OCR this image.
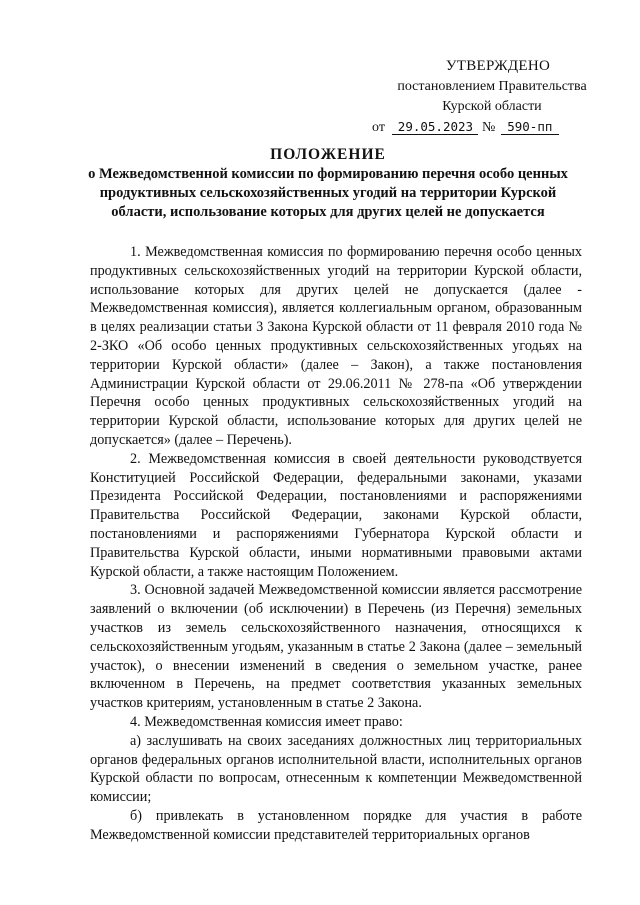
УТВЕРЖДЕНО
постановлением Правительства
Курской области
от 29.05.2023 № 590-пп
ПОЛОЖЕНИЕ
о Межведомственной комиссии по формированию перечня особо ценных продуктивных сельскохозяйственных угодий на территории Курской области, использование которых для других целей не допускается

1. Межведомственная комиссия по формированию перечня особо ценных продуктивных сельскохозяйственных угодий на территории Курской области, использование которых для других целей не допускается (далее - Межведомственная комиссия), является коллегиальным органом, образованным в целях реализации статьи 3 Закона Курской области от 11 февраля 2010 года № 2-ЗКО «Об особо ценных продуктивных сельскохозяйственных угодьях на территории Курской области» (далее – Закон), а также постановления Администрации Курской области от 29.06.2011 № 278-па «Об утверждении Перечня особо ценных продуктивных сельскохозяйственных угодий на территории Курской области, использование которых для других целей не допускается» (далее – Перечень).

2. Межведомственная комиссия в своей деятельности руководствуется Конституцией Российской Федерации, федеральными законами, указами Президента Российской Федерации, постановлениями и распоряжениями Правительства Российской Федерации, законами Курской области, постановлениями и распоряжениями Губернатора Курской области и Правительства Курской области, иными нормативными правовыми актами Курской области, а также настоящим Положением.

3. Основной задачей Межведомственной комиссии является рассмотрение заявлений о включении (об исключении) в Перечень (из Перечня) земельных участков из земель сельскохозяйственного назначения, относящихся к сельскохозяйственным угодьям, указанным в статье 2 Закона (далее – земельный участок), о внесении изменений в сведения о земельном участке, ранее включенном в Перечень, на предмет соответствия указанных земельных участков критериям, установленным в статье 2 Закона.

4. Межведомственная комиссия имеет право:

а) заслушивать на своих заседаниях должностных лиц территориальных органов федеральных органов исполнительной власти, исполнительных органов Курской области по вопросам, отнесенным к компетенции Межведомственной комиссии;

б) привлекать в установленном порядке для участия в работе Межведомственной комиссии представителей территориальных органов
